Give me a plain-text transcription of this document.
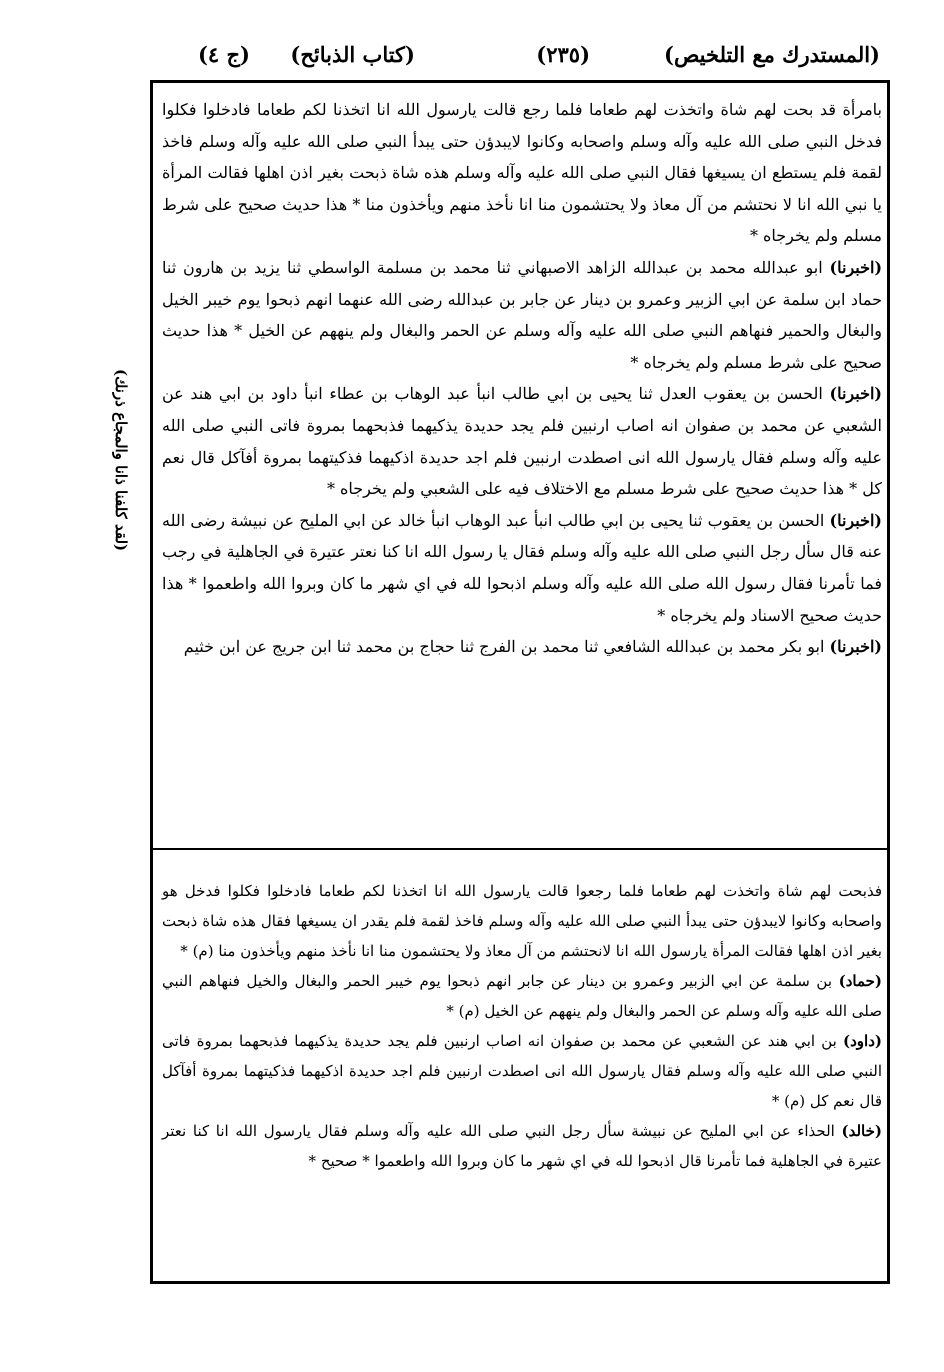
(المستدرك مع التلخيص)
(٢٣٥)
(كتاب الذبائح)
(ج ٤)
(لقد كلفنا ذانا والمجاع ذرنك)

بامرأة قد بحت لهم شاة واتخذت لهم طعاما فلما رجع قالت يارسول الله انا اتخذنا لكم طعاما فادخلوا فكلوا فدخل النبي صلى الله عليه وآله وسلم واصحابه وكانوا لايبدؤن حتى يبدأ النبي صلى الله عليه وآله وسلم فاخذ لقمة فلم يستطع ان يسيغها فقال النبي صلى الله عليه وآله وسلم هذه شاة ذبحت بغير اذن اهلها فقالت المرأة يا نبي الله انا لا نحتشم من آل معاذ ولا يحتشمون منا انا نأخذ منهم ويأخذون منا * هذا حديث صحيح على شرط مسلم ولم يخرجاه *

(اخبرنا) ابو عبدالله محمد بن عبدالله الزاهد الاصبهاني ثنا محمد بن مسلمة الواسطي ثنا يزيد بن هارون ثنا حماد ابن سلمة عن ابي الزبير وعمرو بن دينار عن جابر بن عبدالله رضى الله عنهما انهم ذبحوا يوم خيبر الخيل والبغال والحمير فنهاهم النبي صلى الله عليه وآله وسلم عن الحمر والبغال ولم ينههم عن الخيل * هذا حديث صحيح على شرط مسلم ولم يخرجاه *

(اخبرنا) الحسن بن يعقوب العدل ثنا يحيى بن ابي طالب انبأ عبد الوهاب بن عطاء انبأ داود بن ابي هند عن الشعبي عن محمد بن صفوان انه اصاب ارنبين فلم يجد حديدة يذكيهما فذبحهما بمروة فاتى النبي صلى الله عليه وآله وسلم فقال يارسول الله انى اصطدت ارنبين فلم اجد حديدة اذكيهما فذكيتهما بمروة أفآكل قال نعم كل * هذا حديث صحيح على شرط مسلم مع الاختلاف فيه على الشعبي ولم يخرجاه *

(اخبرنا) الحسن بن يعقوب ثنا يحيى بن ابي طالب انبأ عبد الوهاب انبأ خالد عن ابي المليح عن نبيشة رضى الله عنه قال سأل رجل النبي صلى الله عليه وآله وسلم فقال يا رسول الله انا كنا نعتر عتيرة في الجاهلية في رجب فما تأمرنا فقال رسول الله صلى الله عليه وآله وسلم اذبحوا لله في اي شهر ما كان وبروا الله واطعموا * هذا حديث صحيح الاسناد ولم يخرجاه *

(اخبرنا) ابو بكر محمد بن عبدالله الشافعي ثنا محمد بن الفرج ثنا حجاج بن محمد ثنا ابن جريج عن ابن خثيم

فذبحت لهم شاة واتخذت لهم طعاما فلما رجعوا قالت يارسول الله انا اتخذنا لكم طعاما فادخلوا فكلوا فدخل هو واصحابه وكانوا لايبدؤن حتى يبدأ النبي صلى الله عليه وآله وسلم فاخذ لقمة فلم يقدر ان يسيغها فقال هذه شاة ذبحت بغير اذن اهلها فقالت المرأة يارسول الله انا لانحتشم من آل معاذ ولا يحتشمون منا انا نأخذ منهم ويأخذون منا (م) *

(حماد) بن سلمة عن ابي الزبير وعمرو بن دينار عن جابر انهم ذبحوا يوم خيبر الحمر والبغال والخيل فنهاهم النبي صلى الله عليه وآله وسلم عن الحمر والبغال ولم ينههم عن الخيل (م) *

(داود) بن ابي هند عن الشعبي عن محمد بن صفوان انه اصاب ارنبين فلم يجد حديدة يذكيهما فذبحهما بمروة فاتى النبي صلى الله عليه وآله وسلم فقال يارسول الله انى اصطدت ارنبين فلم اجد حديدة اذكيهما فذكيتهما بمروة أفآكل قال نعم كل (م) *

(خالد) الحذاء عن ابي المليح عن نبيشة سأل رجل النبي صلى الله عليه وآله وسلم فقال يارسول الله انا كنا نعتر عتيرة في الجاهلية فما تأمرنا قال اذبحوا لله في اي شهر ما كان وبروا الله واطعموا * صحيح *
